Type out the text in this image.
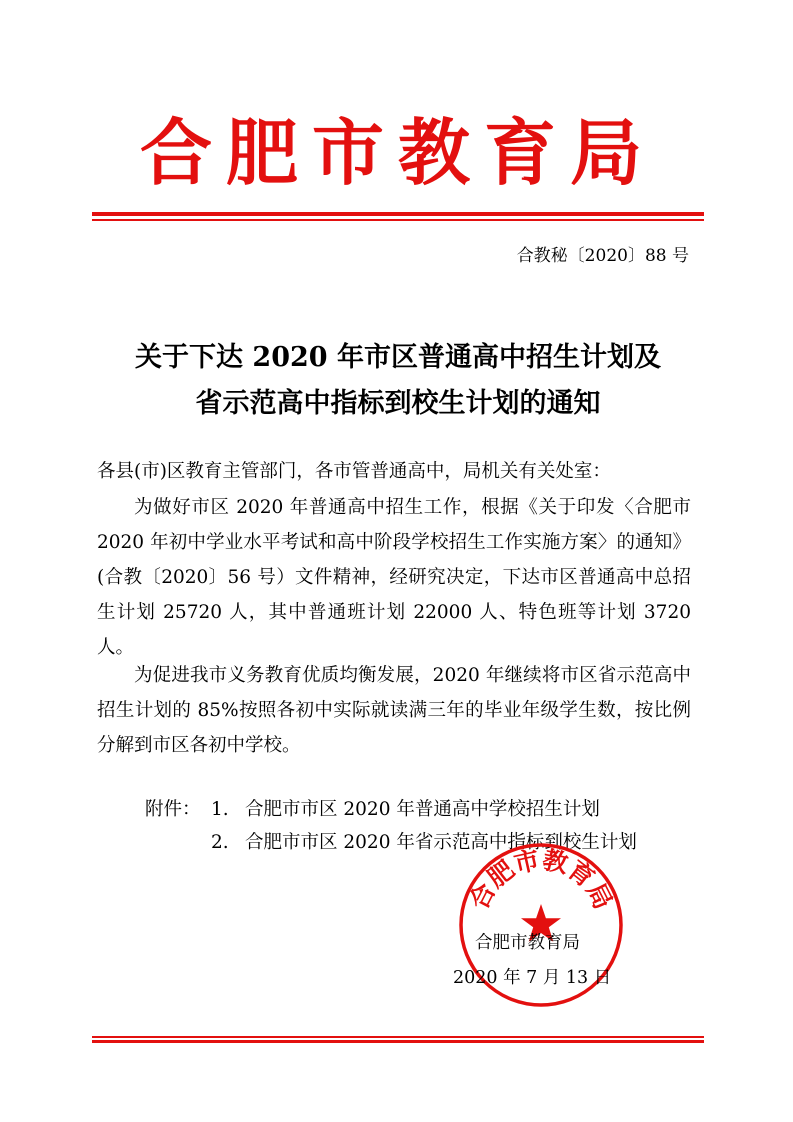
合肥市教育局
合教秘〔2020〕88 号
关于下达 2020 年市区普通高中招生计划及
省示范高中指标到校生计划的通知
各县(市)区教育主管部门，各市管普通高中，局机关有关处室：
为做好市区 2020 年普通高中招生工作，根据《关于印发〈合肥市 2020 年初中学业水平考试和高中阶段学校招生工作实施方案〉的通知》(合教〔2020〕56 号）文件精神，经研究决定，下达市区普通高中总招生计划 25720 人，其中普通班计划 22000 人、特色班等计划 3720 人。
为促进我市义务教育优质均衡发展，2020 年继续将市区省示范高中招生计划的 85%按照各初中实际就读满三年的毕业年级学生数，按比例分解到市区各初中学校。
附件： 1. 合肥市市区 2020 年普通高中学校招生计划
2. 合肥市市区 2020 年省示范高中指标到校生计划
合肥市教育局
合肥市教育局
2020 年 7 月 13 日
